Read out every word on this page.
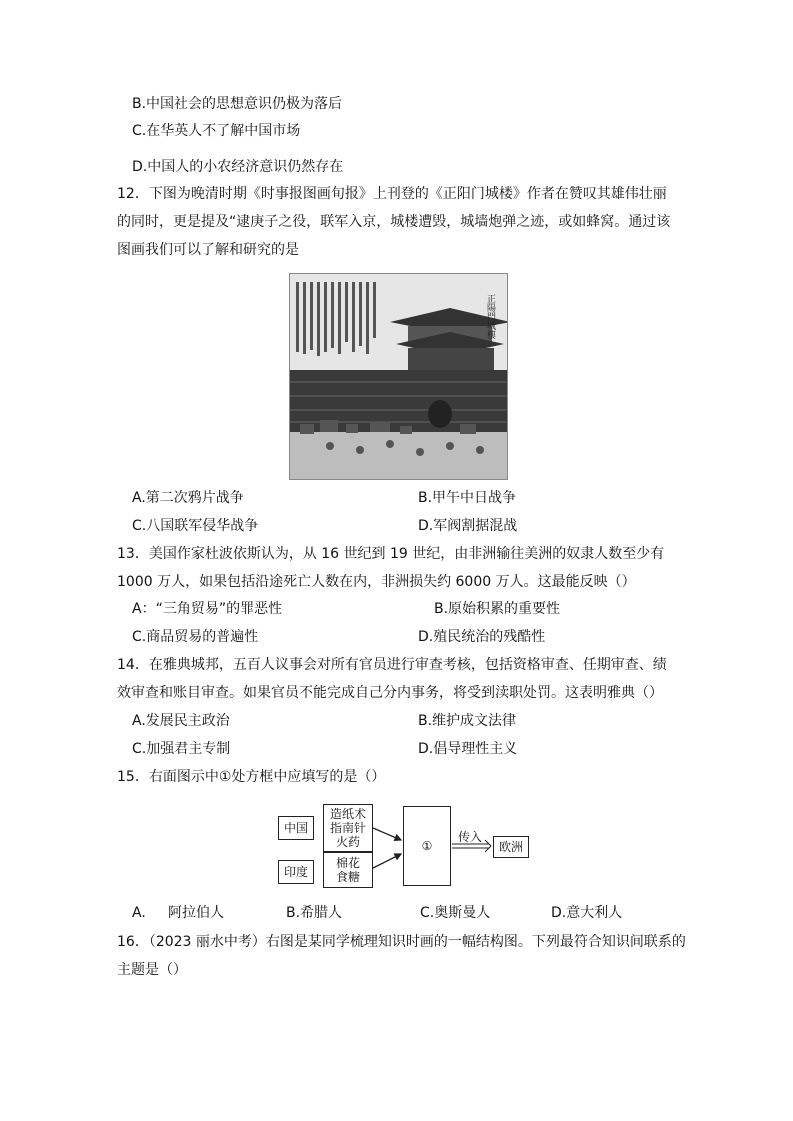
B.中国社会的思想意识仍极为落后
C.在华英人不了解中国市场
D.中国人的小农经济意识仍然存在
12．下图为晚清时期《时事报图画旬报》上刊登的《正阳门城楼》作者在赞叹其雄伟壮丽
的同时，更是提及“逮庚子之役，联军入京，城楼遭毁，城墙炮弹之迹，或如蜂窝。通过该
图画我们可以了解和研究的是
正陽門城樓
A.第二次鸦片战争	B.甲午中日战争
C.八国联军侵华战争	D.军阀割据混战
13．美国作家杜波依斯认为，从 16 世纪到 19 世纪，由非洲输往美洲的奴隶人数至少有
1000 万人，如果包括沿途死亡人数在内，非洲损失约 6000 万人。这最能反映（）
A：“三角贸易”的罪恶性	B.原始积累的重要性
C.商品贸易的普遍性	D.殖民统治的残酷性
14．在雅典城邦，五百人议事会对所有官员进行审查考核，包括资格审查、任期审查、绩
效审查和账目审查。如果官员不能完成自己分内事务，将受到渎职处罚。这表明雅典（）
A.发展民主政治	B.维护成文法律
C.加强君主专制	D.倡导理性主义
15．右面图示中①处方框中应填写的是（）
中国
造纸术
指南针
火药
印度
棉花
食糖
①	欧洲
传入
A. 阿拉伯人	B.希腊人	C.奥斯曼人	D.意大利人
16．（2023 丽水中考）右图是某同学梳理知识时画的一幅结构图。下列最符合知识间联系的
主题是（）
